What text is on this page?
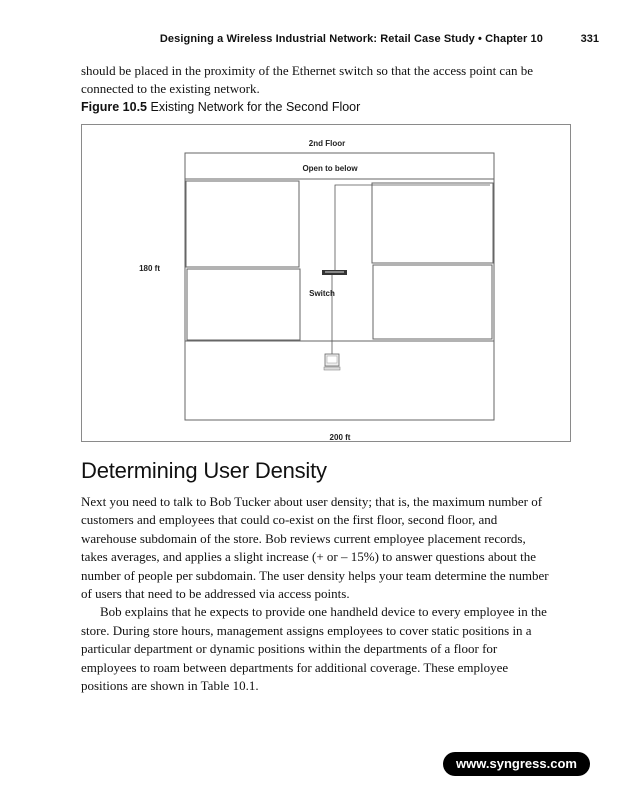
Designing a Wireless Industrial Network: Retail Case Study • Chapter 10	331

should be placed in the proximity of the Ethernet switch so that the access point can be connected to the existing network.

Figure 10.5 Existing Network for the Second Floor
2nd Floor
Open to below
Switch
180 ft
200 ft
Determining User Density

Next you need to talk to Bob Tucker about user density; that is, the maximum number of customers and employees that could co-exist on the first floor, second floor, and warehouse subdomain of the store. Bob reviews current employee placement records, takes averages, and applies a slight increase (+ or – 15%) to answer questions about the number of people per subdomain. The user density helps your team determine the number of users that need to be addressed via access points.

Bob explains that he expects to provide one handheld device to every employee in the store. During store hours, management assigns employees to cover static positions in a particular department or dynamic positions within the departments of a floor for employees to roam between departments for additional coverage. These employee positions are shown in Table 10.1.

www.syngress.com
